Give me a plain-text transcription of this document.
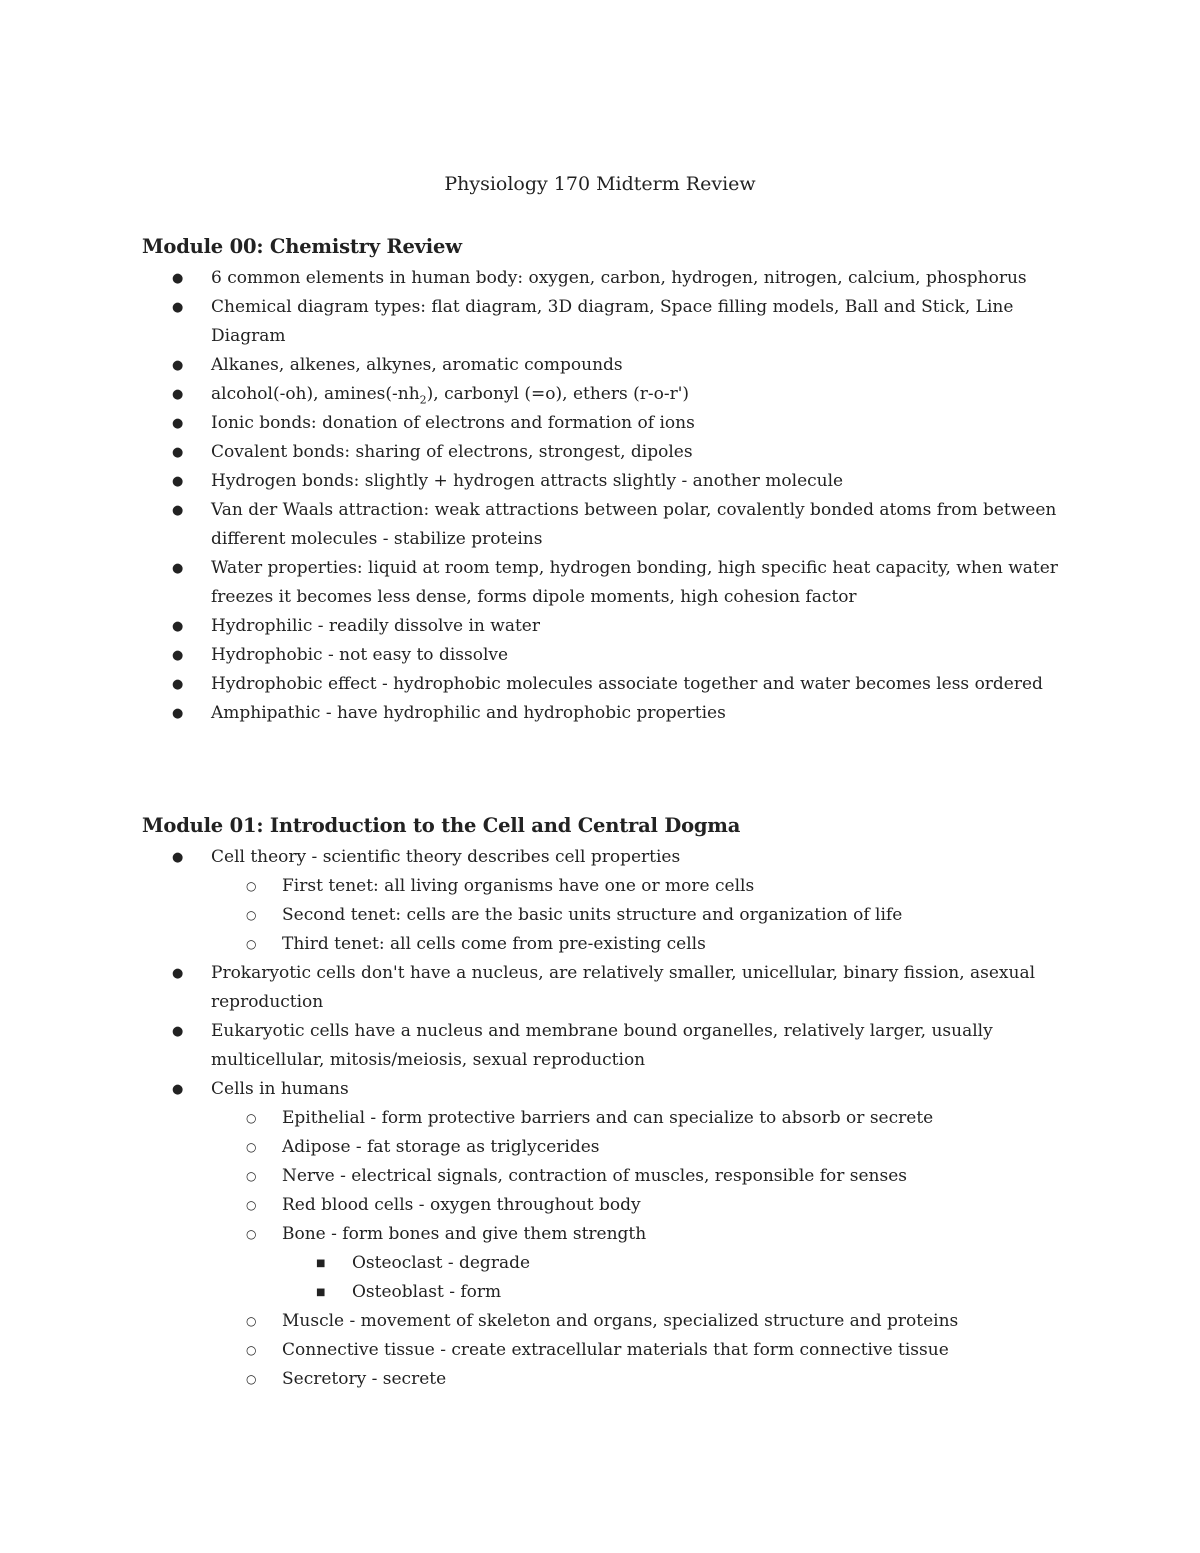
Physiology 170 Midterm Review
Module 00: Chemistry Review
● 6 common elements in human body: oxygen, carbon, hydrogen, nitrogen, calcium, phosphorus
● Chemical diagram types: flat diagram, 3D diagram, Space filling models, Ball and Stick, Line Diagram
● Alkanes, alkenes, alkynes, aromatic compounds
● alcohol(-oh), $amines(-nh_2)$, carbonyl (=o), ethers (r-o-r')
● Ionic bonds: donation of electrons and formation of ions
● Covalent bonds: sharing of electrons, strongest, dipoles
● Hydrogen bonds: slightly + hydrogen attracts slightly - another molecule
● Van der Waals attraction: weak attractions between polar, covalently bonded atoms from between different molecules - stabilize proteins
● Water properties: liquid at room temp, hydrogen bonding, high specific heat capacity, when water freezes it becomes less dense, forms dipole moments, high cohesion factor
● Hydrophilic - readily dissolve in water
● Hydrophobic - not easy to dissolve
● Hydrophobic effect - hydrophobic molecules associate together and water becomes less ordered
● Amphipathic - have hydrophilic and hydrophobic properties
Module 01: Introduction to the Cell and Central Dogma
● Cell theory - scientific theory describes cell properties
○ First tenet: all living organisms have one or more cells
○ Second tenet: cells are the basic units structure and organization of life
○ Third tenet: all cells come from pre-existing cells
● Prokaryotic cells don't have a nucleus, are relatively smaller, unicellular, binary fission, asexual reproduction
● Eukaryotic cells have a nucleus and membrane bound organelles, relatively larger, usually multicellular, mitosis/meiosis, sexual reproduction
● Cells in humans
○ Epithelial - form protective barriers and can specialize to absorb or secrete
○ Adipose - fat storage as triglycerides
○ Nerve - electrical signals, contraction of muscles, responsible for senses
○ Red blood cells - oxygen throughout body
○ Bone - form bones and give them strength
■ Osteoclast - degrade
■ Osteoblast - form
○ Muscle - movement of skeleton and organs, specialized structure and proteins
○ Connective tissue - create extracellular materials that form connective tissue
○ Secretory - secrete
